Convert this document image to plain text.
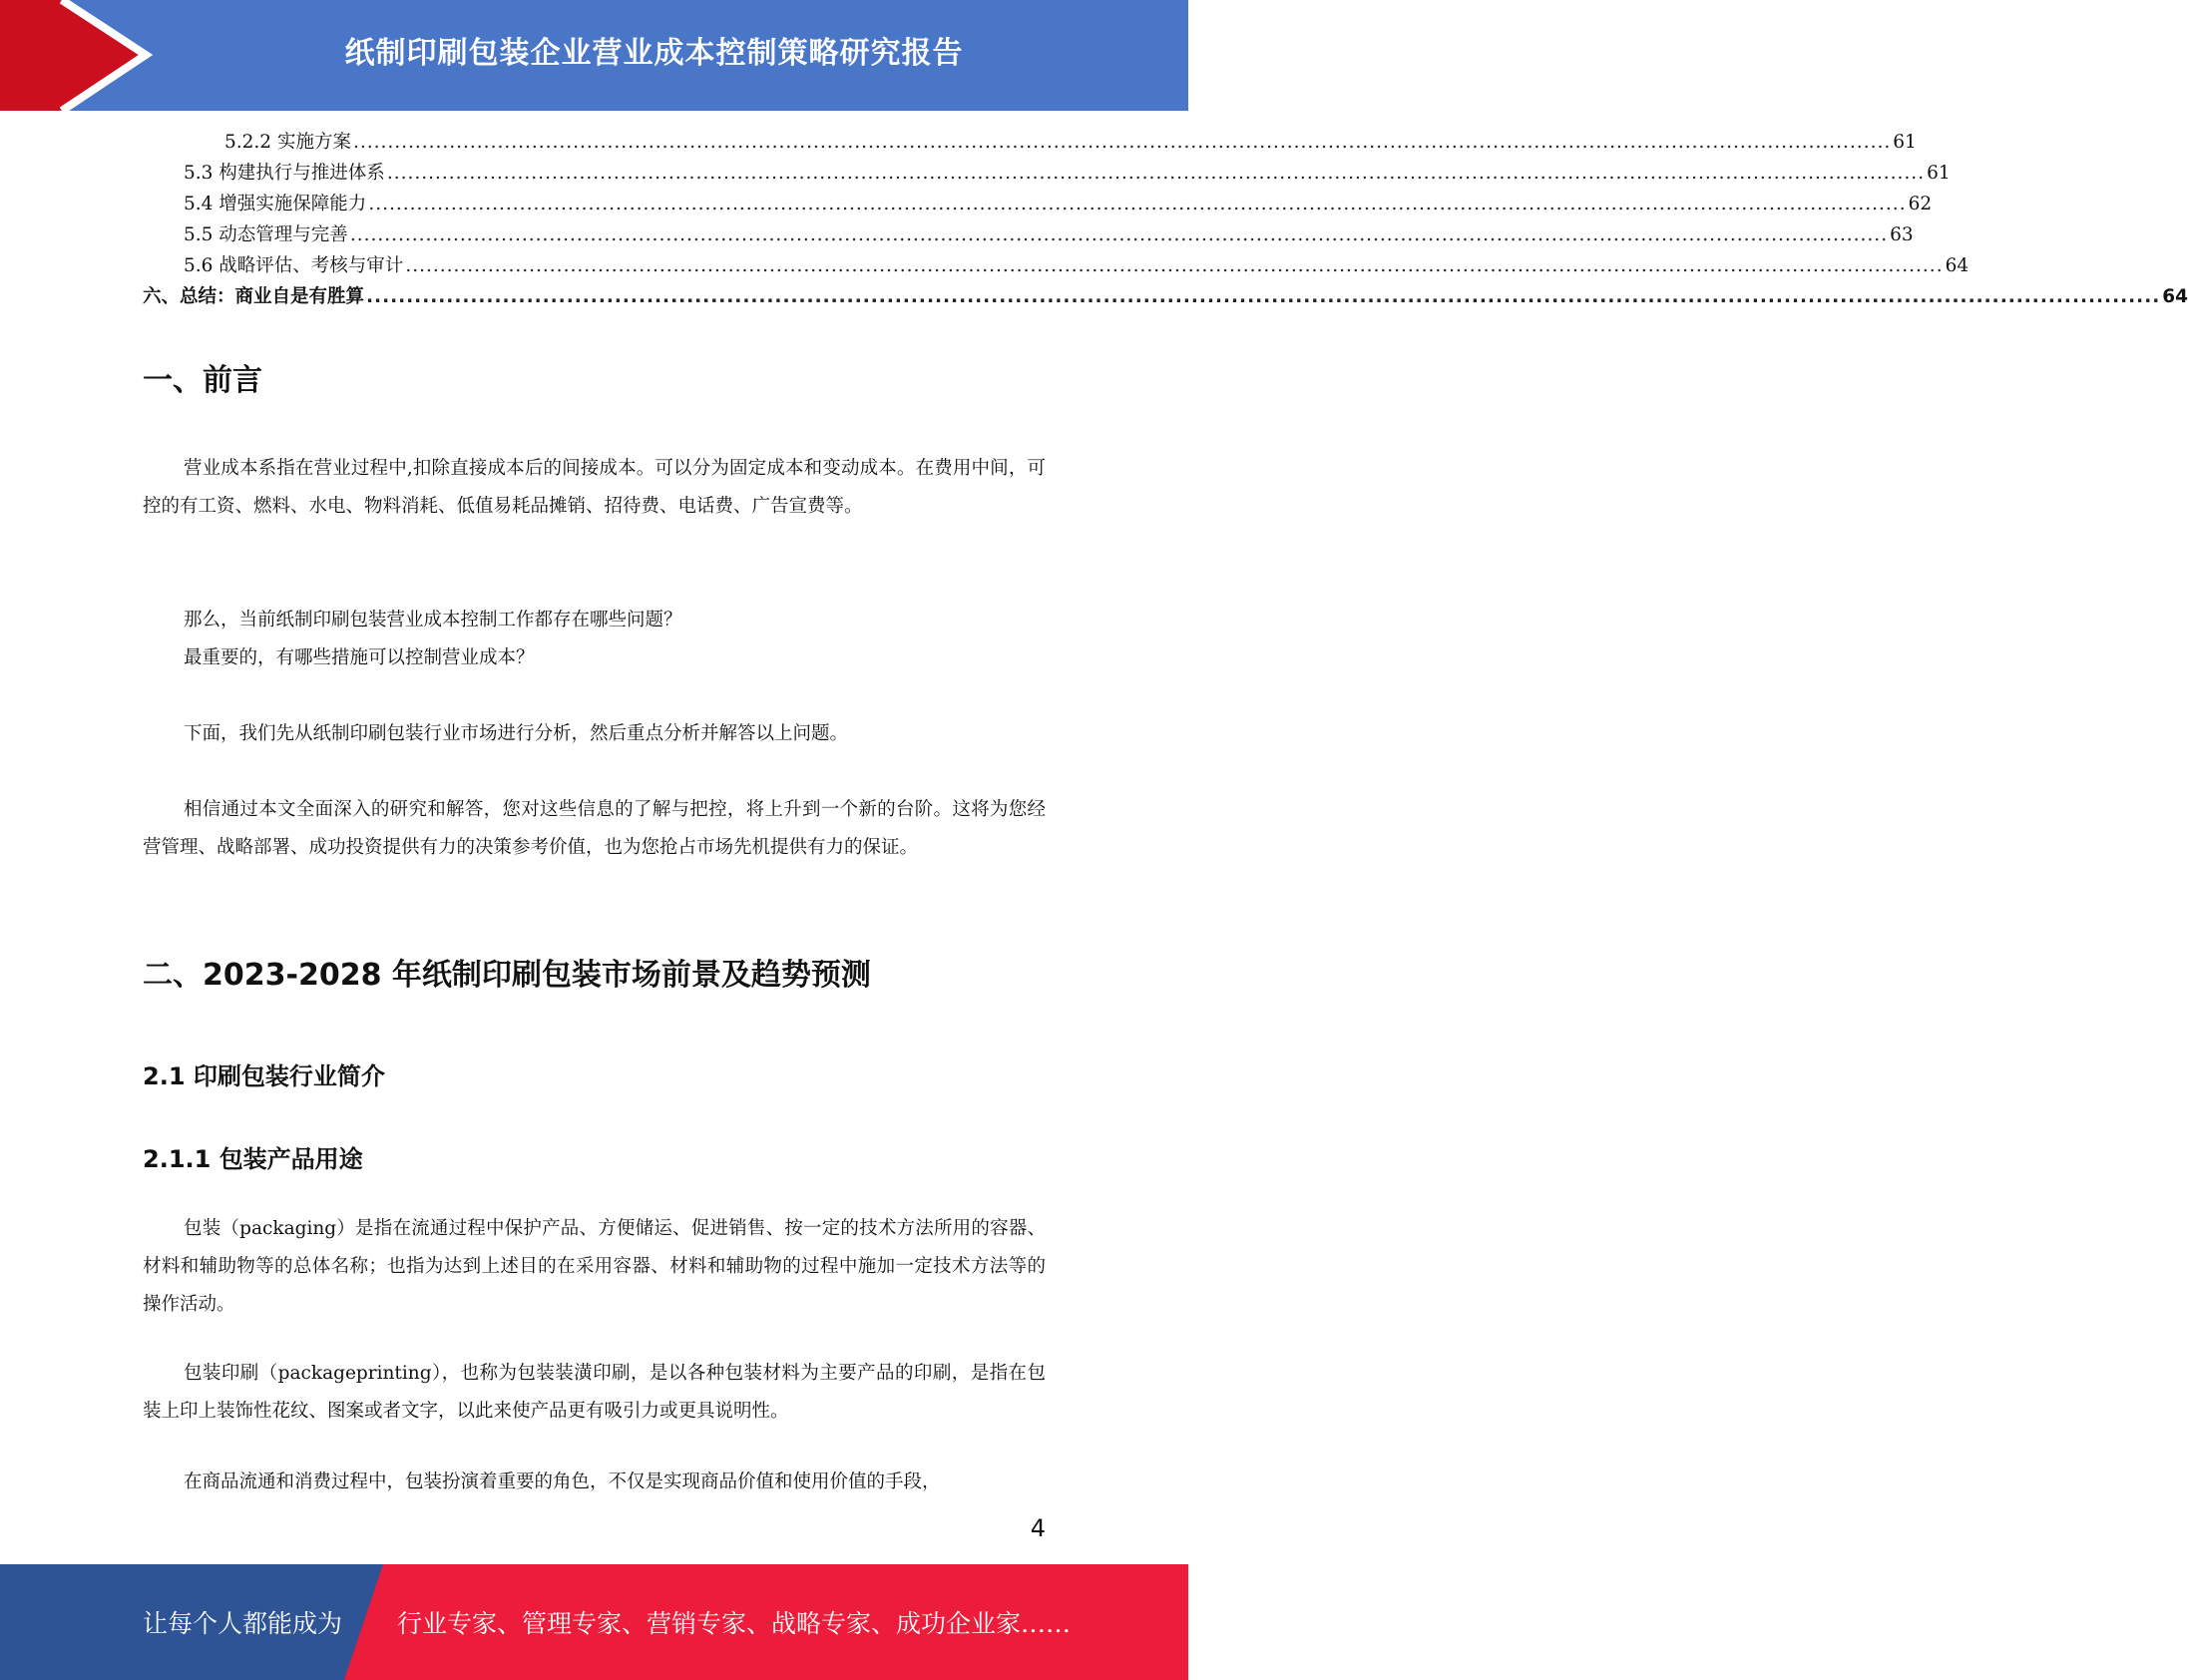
纸制印刷包装企业营业成本控制策略研究报告
5.2.2 实施方案 ................................................................................................................................................................................................................................ 61
5.3 构建执行与推进体系 ................................................................................................................................................................................................................................ 61
5.4 增强实施保障能力 ................................................................................................................................................................................................................................ 62
5.5 动态管理与完善 ................................................................................................................................................................................................................................ 63
5.6 战略评估、考核与审计 ................................................................................................................................................................................................................................ 64
六、总结：商业自是有胜算 ................................................................................................................................................................................................................................ 64
一、前言

营业成本系指在营业过程中,扣除直接成本后的间接成本。可以分为固定成本和变动成本。在费用中间，可控的有工资、燃料、水电、物料消耗、低值易耗品摊销、招待费、电话费、广告宣费等。

那么，当前纸制印刷包装营业成本控制工作都存在哪些问题？

最重要的，有哪些措施可以控制营业成本？

下面，我们先从纸制印刷包装行业市场进行分析，然后重点分析并解答以上问题。

相信通过本文全面深入的研究和解答，您对这些信息的了解与把控，将上升到一个新的台阶。这将为您经营管理、战略部署、成功投资提供有力的决策参考价值，也为您抢占市场先机提供有力的保证。

二、2023-2028 年纸制印刷包装市场前景及趋势预测
2.1 印刷包装行业简介
2.1.1 包装产品用途

包装（packaging）是指在流通过程中保护产品、方便储运、促进销售、按一定的技术方法所用的容器、材料和辅助物等的总体名称；也指为达到上述目的在采用容器、材料和辅助物的过程中施加一定技术方法等的操作活动。

包装印刷（packageprinting），也称为包装装潢印刷，是以各种包装材料为主要产品的印刷，是指在包装上印上装饰性花纹、图案或者文字，以此来使产品更有吸引力或更具说明性。

在商品流通和消费过程中，包装扮演着重要的角色，不仅是实现商品价值和使用价值的手段，

4
让每个人都能成为 行业专家、管理专家、营销专家、战略专家、成功企业家……
